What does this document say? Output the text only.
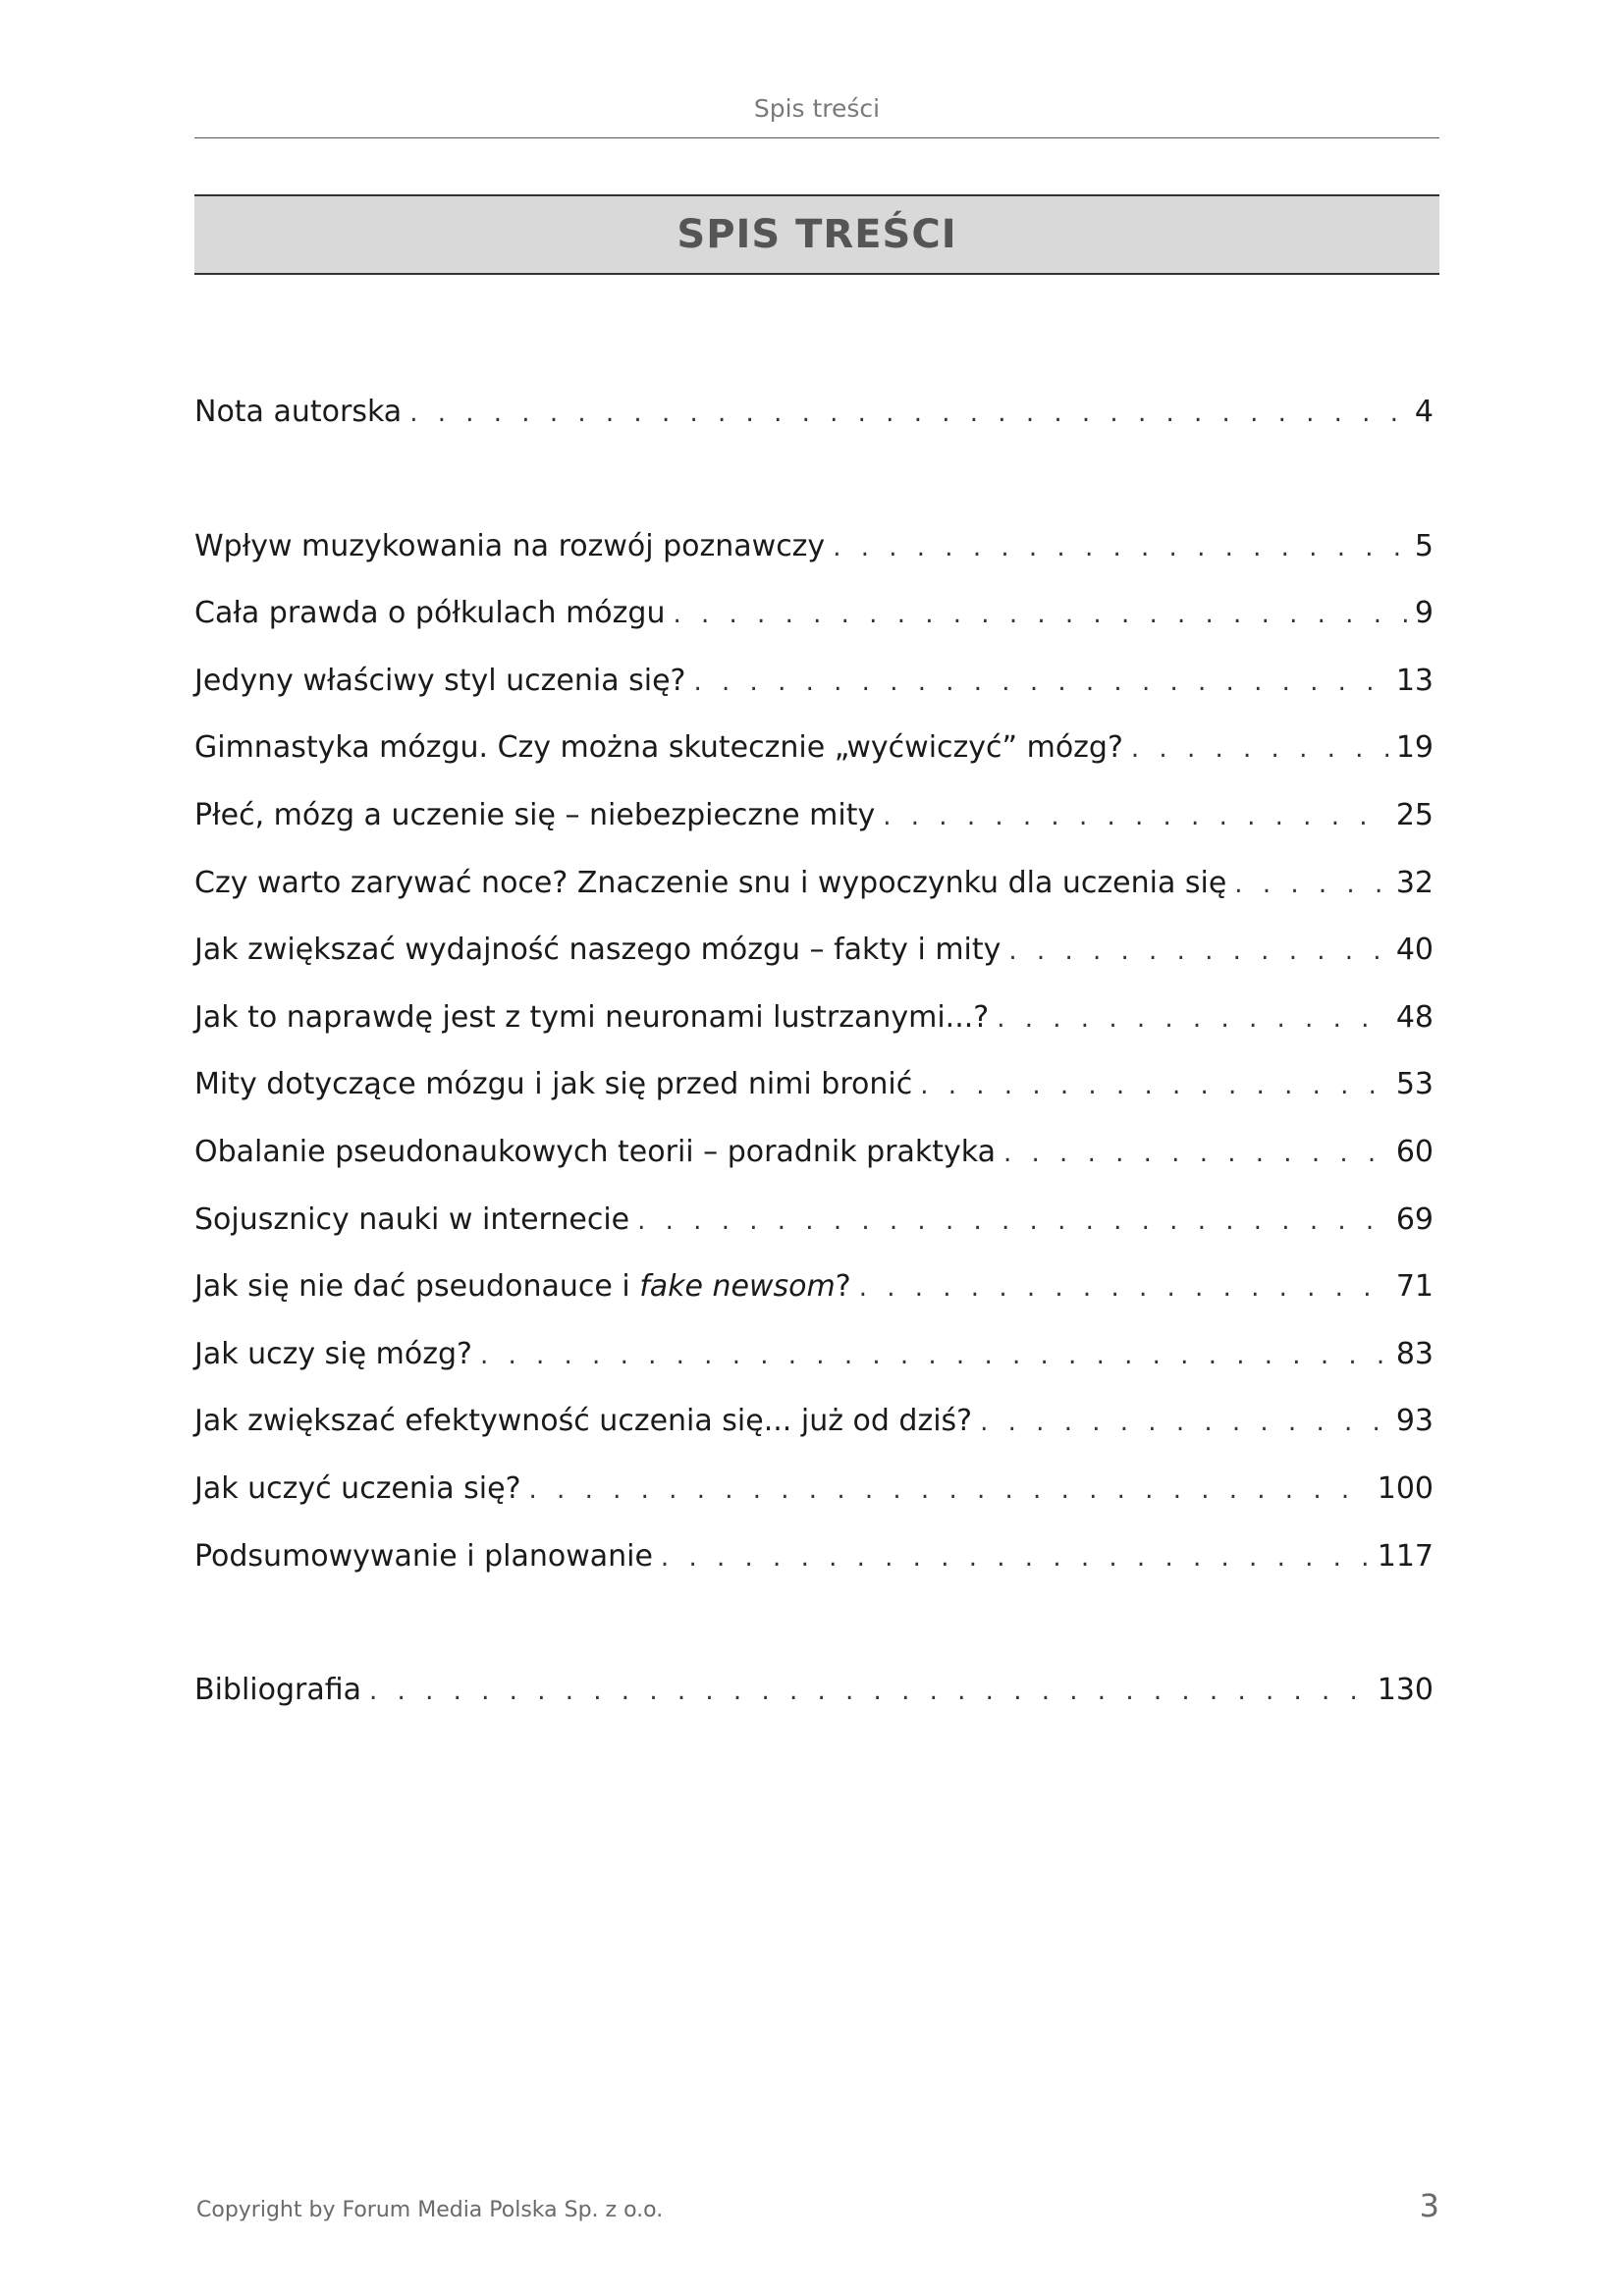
Spis treści
SPIS TREŚCI
Nota autorska . . .	4
Wpływ muzykowania na rozwój poznawczy . . .	5
Cała prawda o półkulach mózgu . . .	9
Jedyny właściwy styl uczenia się? . . .	13
Gimnastyka mózgu. Czy można skutecznie „wyćwiczyć” mózg? . . .	19
Płeć, mózg a uczenie się – niebezpieczne mity . . .	25
Czy warto zarywać noce? Znaczenie snu i wypoczynku dla uczenia się . . .	32
Jak zwiększać wydajność naszego mózgu – fakty i mity . . .	40
Jak to naprawdę jest z tymi neuronami lustrzanymi...? . . .	48
Mity dotyczące mózgu i jak się przed nimi bronić . . .	53
Obalanie pseudonaukowych teorii – poradnik praktyka . . .	60
Sojusznicy nauki w internecie . . .	69
Jak się nie dać pseudonauce i fake newsom? . . .	71
Jak uczy się mózg? . . .	83
Jak zwiększać efektywność uczenia się... już od dziś? . . .	93
Jak uczyć uczenia się? . . .	100
Podsumowywanie i planowanie . . .	117
Bibliografia . . .	130
Copyright by Forum Media Polska Sp. z o.o.	3
